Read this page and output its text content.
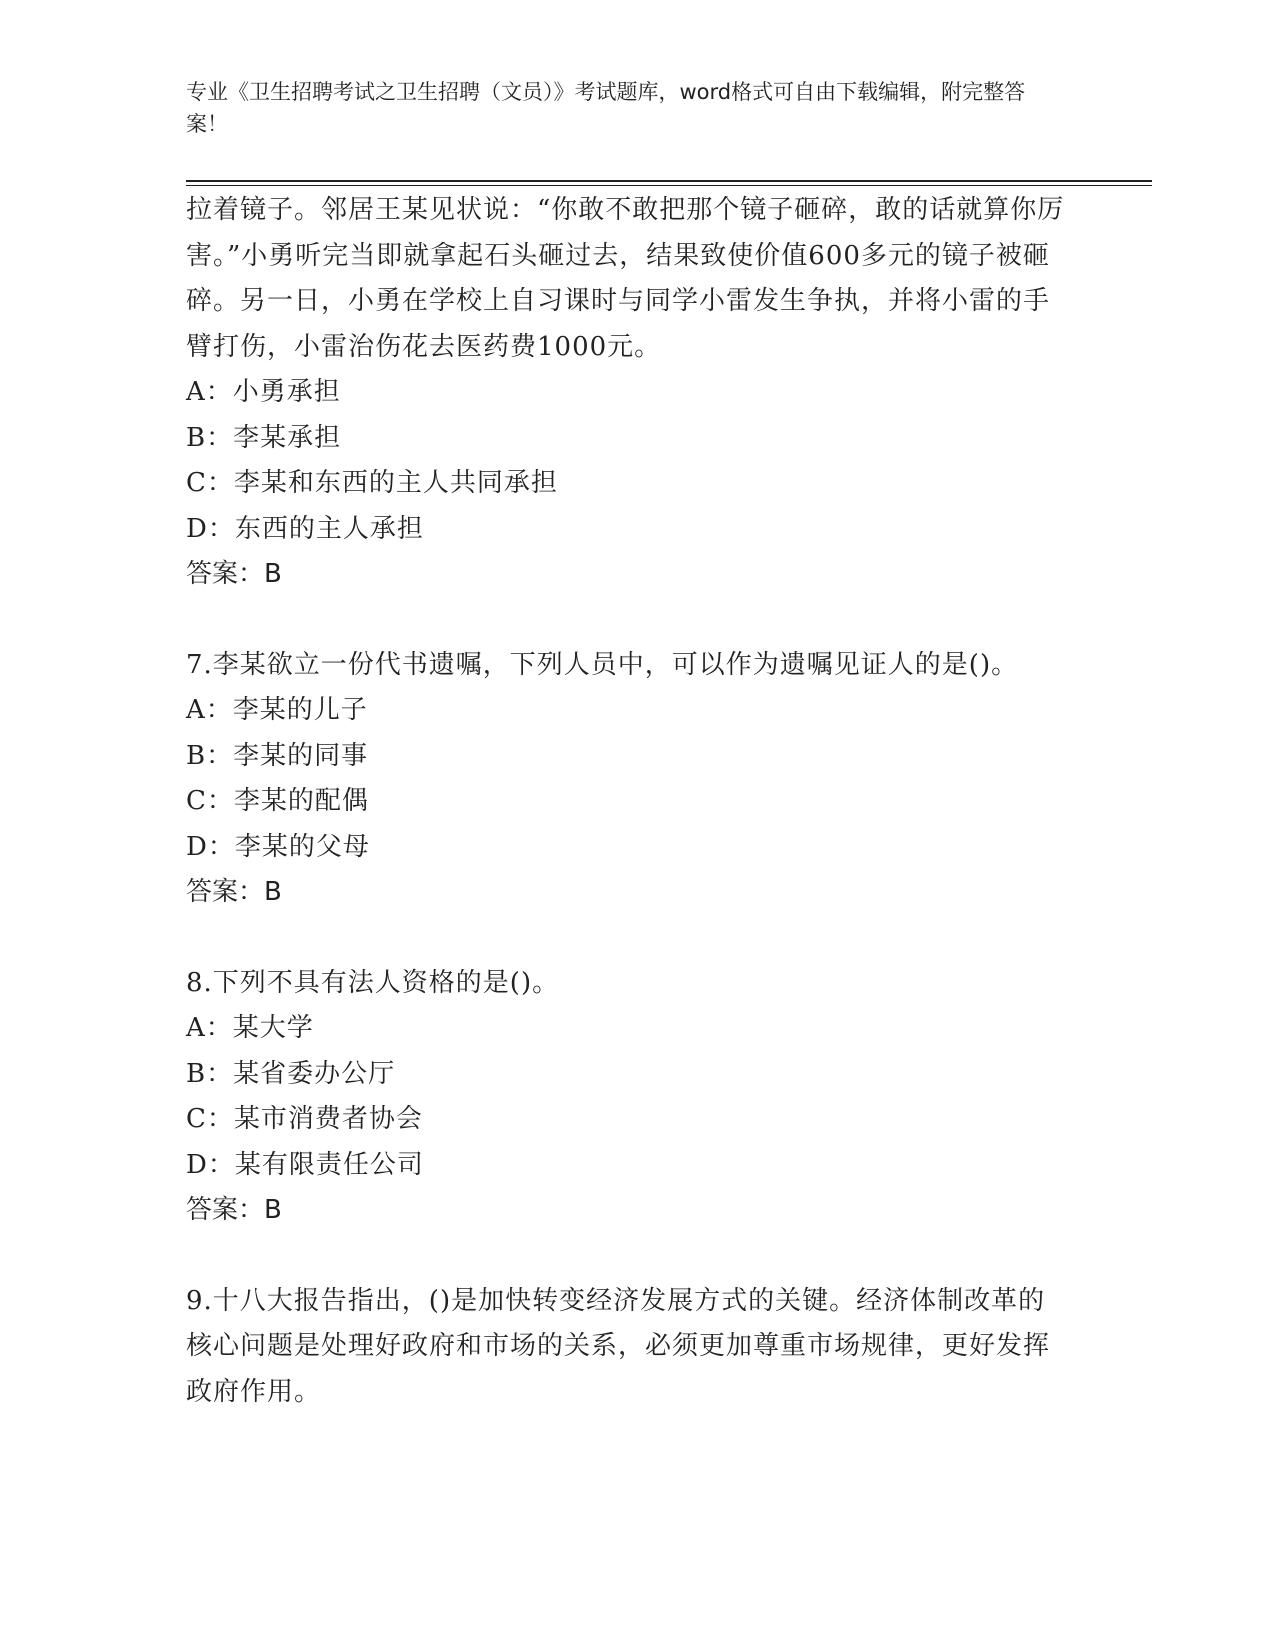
专业《卫生招聘考试之卫生招聘（文员）》考试题库，word格式可自由下载编辑，附完整答案！

拉着镜子。邻居王某见状说：“你敢不敢把那个镜子砸碎，敢的话就算你厉害。”小勇听完当即就拿起石头砸过去，结果致使价值600多元的镜子被砸碎。另一日，小勇在学校上自习课时与同学小雷发生争执，并将小雷的手臂打伤，小雷治伤花去医药费1000元。

A：小勇承担

B：李某承担

C：李某和东西的主人共同承担

D：东西的主人承担

答案：B

7.李某欲立一份代书遗嘱，下列人员中，可以作为遗嘱见证人的是()。

A：李某的儿子

B：李某的同事

C：李某的配偶

D：李某的父母

答案：B

8.下列不具有法人资格的是()。

A：某大学

B：某省委办公厅

C：某市消费者协会

D：某有限责任公司

答案：B

9.十八大报告指出，()是加快转变经济发展方式的关键。经济体制改革的核心问题是处理好政府和市场的关系，必须更加尊重市场规律，更好发挥政府作用。
